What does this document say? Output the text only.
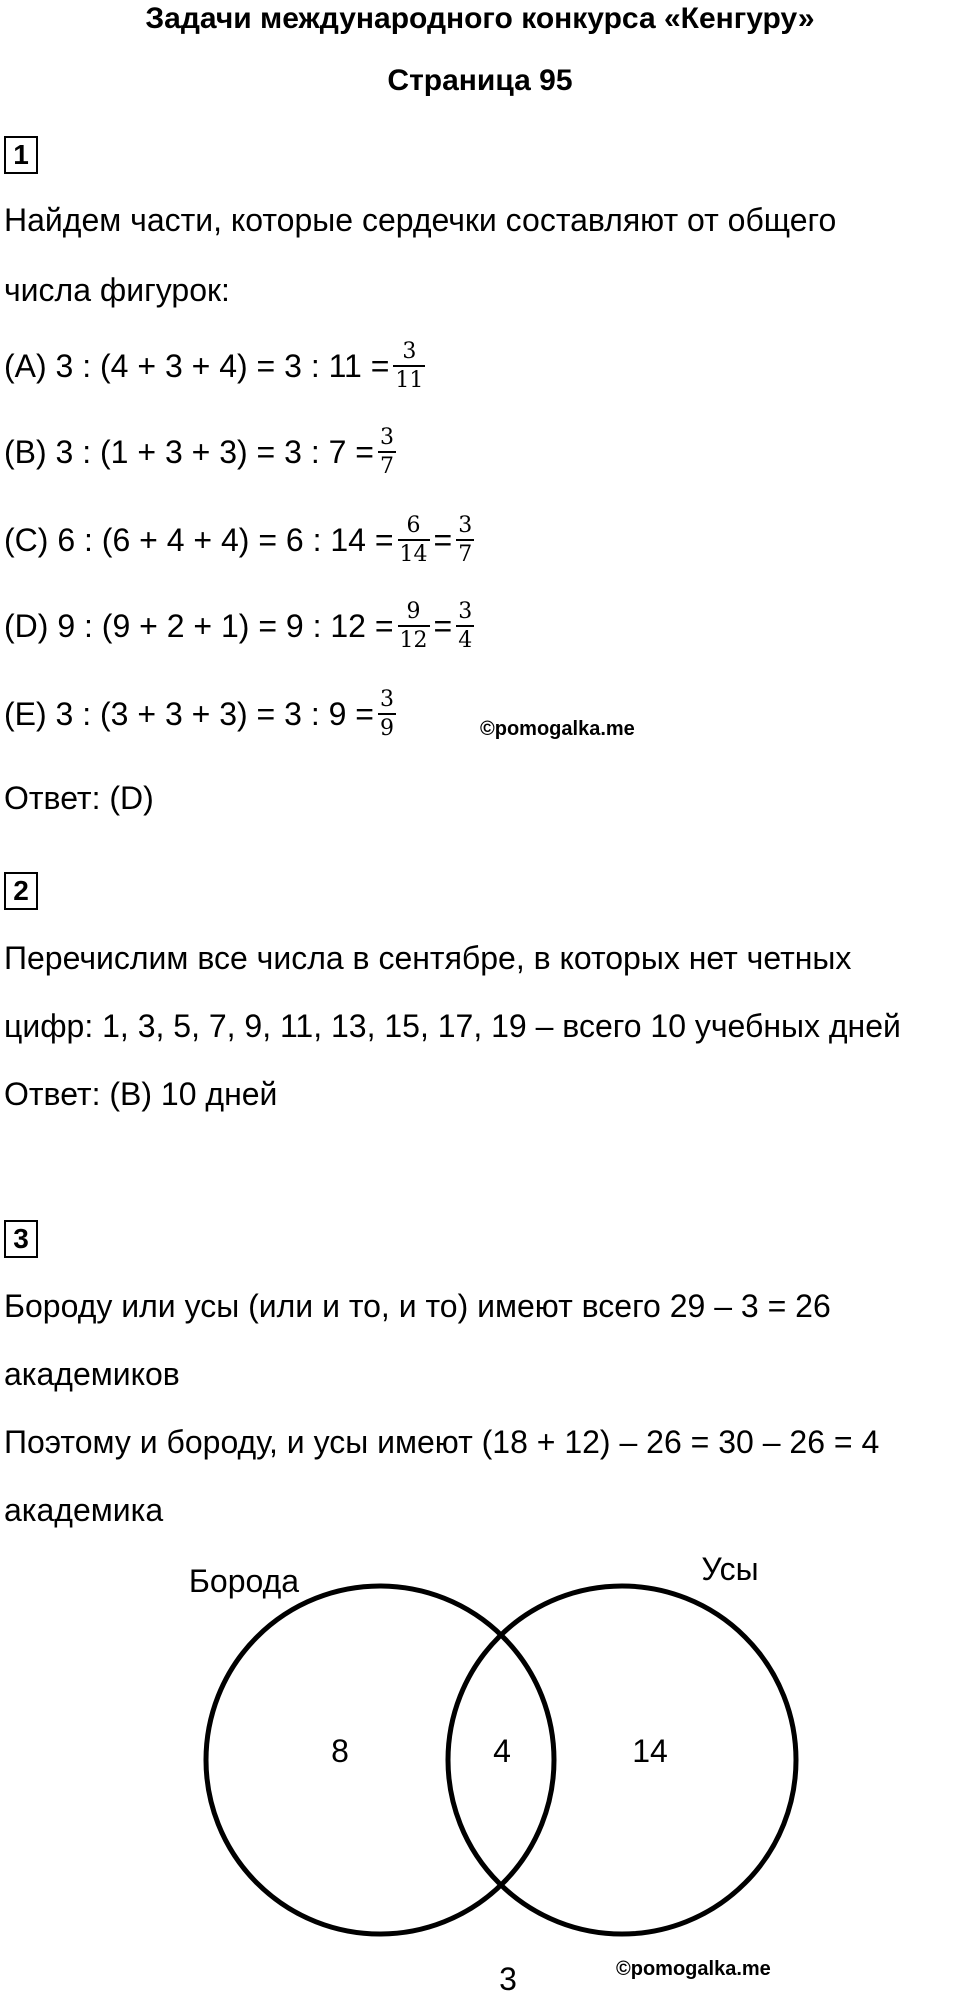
Задачи международного конкурса «Кенгуру»
Страница 95
1
Найдем части, которые сердечки составляют от общего
числа фигурок:
(А) 3 : (4 + 3 + 4) = 3 : $11 = \frac{3}{11}$
(B) 3 : (1 + 3 + 3) = 3 : $7 = \frac{3}{7}$
(C) 6 : (6 + 4 + 4) = 6 : $14 = \frac{6}{14} = \frac{3}{7}$
(D) 9 : (9 + 2 + 1) = 9 : $12 = \frac{9}{12} = \frac{3}{4}$
(E) 3 : (3 + 3 + 3) = 3 : $9 = \frac{3}{9}$	©pomogalka.me
Ответ: (D)
2
Перечислим все числа в сентябре, в которых нет четных
цифр: 1, 3, 5, 7, 9, 11, 13, 15, 17, 19 – всего 10 учебных дней
Ответ: (B) 10 дней
3
Бороду или усы (или и то, и то) имеют всего 29 – 3 = 26
академиков
Поэтому и бороду, и усы имеют (18 + 12) – 26 = 30 – 26 = 4
академика
Борода	Усы
8	4	14
3	©pomogalka.me
